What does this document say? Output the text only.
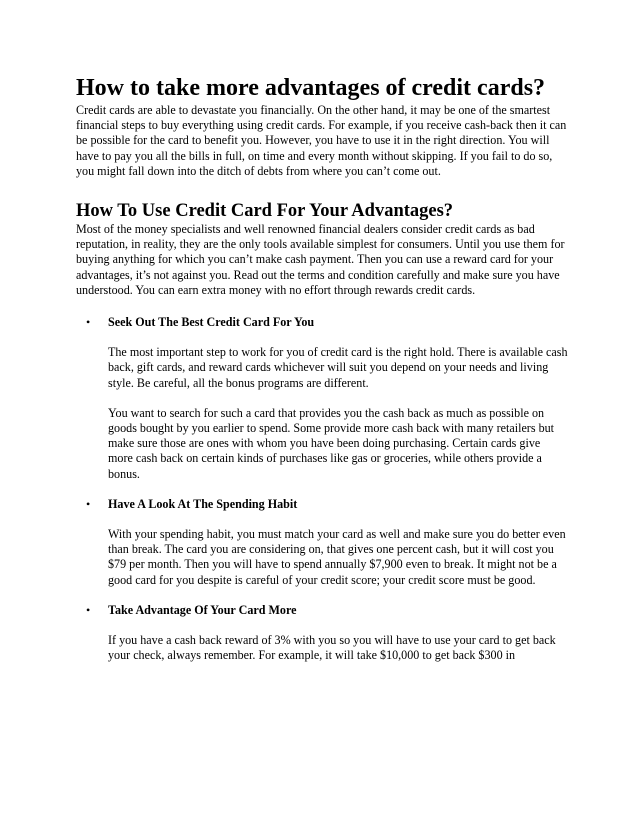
How to take more advantages of credit cards?

Credit cards are able to devastate you financially. On the other hand, it may be one of the smartest financial steps to buy everything using credit cards. For example, if you receive cash-back then it can be possible for the card to benefit you. However, you have to use it in the right direction. You will have to pay you all the bills in full, on time and every month without skipping. If you fail to do so, you might fall down into the ditch of debts from where you can’t come out.

How To Use Credit Card For Your Advantages?

Most of the money specialists and well renowned financial dealers consider credit cards as bad reputation, in reality, they are the only tools available simplest for consumers. Until you use them for buying anything for which you can’t make cash payment. Then you can use a reward card for your advantages, it’s not against you. Read out the terms and condition carefully and make sure you have understood. You can earn extra money with no effort through rewards credit cards.

• Seek Out The Best Credit Card For You

The most important step to work for you of credit card is the right hold. There is available cash back, gift cards, and reward cards whichever will suit you depend on your needs and living style. Be careful, all the bonus programs are different.

You want to search for such a card that provides you the cash back as much as possible on goods bought by you earlier to spend. Some provide more cash back with many retailers but make sure those are ones with whom you have been doing purchasing. Certain cards give more cash back on certain kinds of purchases like gas or groceries, while others provide a bonus.

• Have A Look At The Spending Habit

With your spending habit, you must match your card as well and make sure you do better even than break. The card you are considering on, that gives one percent cash, but it will cost you $79 per month. Then you will have to spend annually $7,900 even to break. It might not be a good card for you despite is careful of your credit score; your credit score must be good.

• Take Advantage Of Your Card More

If you have a cash back reward of 3% with you so you will have to use your card to get back your check, always remember. For example, it will take $10,000 to get back $300 in
